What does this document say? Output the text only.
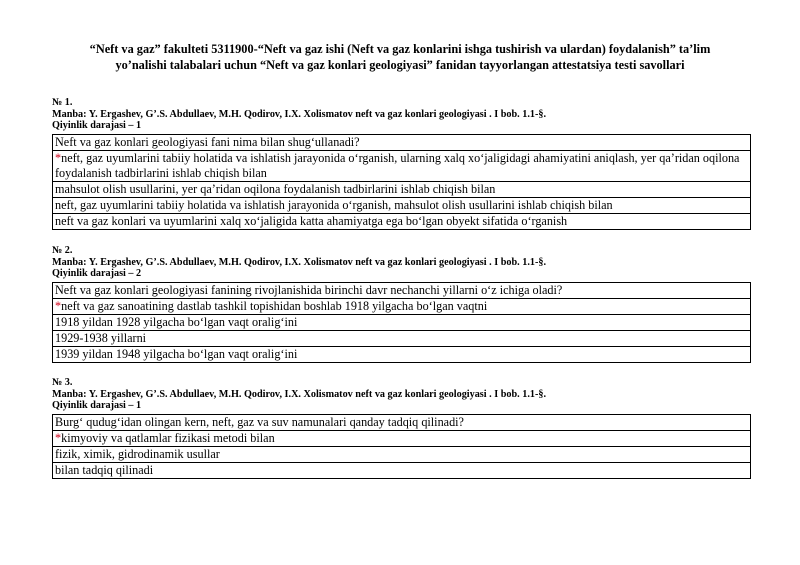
“Neft va gaz” fakulteti 5311900-“Neft va gaz ishi (Neft va gaz konlarini ishga tushirish va ulardan) foydalanish” ta’lim
yo’nalishi talabalari uchun “Neft va gaz konlari geologiyasi” fanidan tayyorlangan attestatsiya testi savollari
№ 1.
Manba: Y. Ergashev, G’.S. Abdullaev, M.H. Qodirov, I.X. Xolismatov neft va gaz konlari geologiyasi . I bob. 1.1-§.
Qiyinlik darajasi – 1
Neft va gaz konlari geologiyasi fani nima bilan shug‘ullanadi?
*neft, gaz uyumlarini tabiiy holatida va ishlatish jarayonida o‘rganish, ularning xalq xo‘jaligidagi ahamiyatini aniqlash, yer qa’ridan oqilona foydalanish tadbirlarini ishlab chiqish bilan
mahsulot olish usullarini, yer qa’ridan oqilona foydalanish tadbirlarini ishlab chiqish bilan
neft, gaz uyumlarini tabiiy holatida va ishlatish jarayonida o‘rganish, mahsulot olish usullarini ishlab chiqish bilan
neft va gaz konlari va uyumlarini xalq xo‘jaligida katta ahamiyatga ega bo‘lgan obyekt sifatida o‘rganish
№ 2.
Manba: Y. Ergashev, G’.S. Abdullaev, M.H. Qodirov, I.X. Xolismatov neft va gaz konlari geologiyasi . I bob. 1.1-§.
Qiyinlik darajasi – 2
Neft va gaz konlari geologiyasi fanining rivojlanishida birinchi davr nechanchi yillarni o‘z ichiga oladi?
*neft va gaz sanoatining dastlab tashkil topishidan boshlab 1918 yilgacha bo‘lgan vaqtni
1918 yildan 1928 yilgacha bo‘lgan vaqt oralig‘ini
1929-1938 yillarni
1939 yildan 1948 yilgacha bo‘lgan vaqt oralig‘ini
№ 3.
Manba: Y. Ergashev, G’.S. Abdullaev, M.H. Qodirov, I.X. Xolismatov neft va gaz konlari geologiyasi . I bob. 1.1-§.
Qiyinlik darajasi – 1
Burg‘ qudug‘idan olingan kern, neft, gaz va suv namunalari qanday tadqiq qilinadi?
*kimyoviy va qatlamlar fizikasi metodi bilan
fizik, ximik, gidrodinamik usullar
bilan tadqiq qilinadi
